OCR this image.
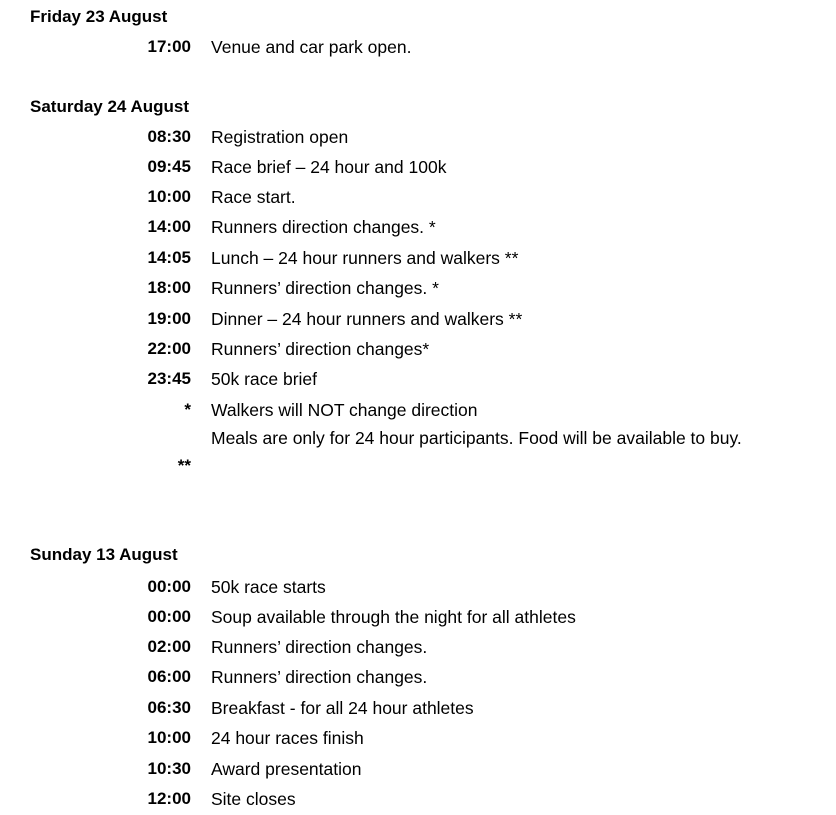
Friday 23 August
17:00 Venue and car park open.
Saturday 24 August
08:30 Registration open
09:45 Race brief – 24 hour and 100k
10:00 Race start.
14:00 Runners direction changes. *
14:05 Lunch – 24 hour runners and walkers **
18:00 Runners’ direction changes. *
19:00 Dinner – 24 hour runners and walkers **
22:00 Runners’ direction changes*
23:45 50k race brief
* Walkers will NOT change direction
**
Meals are only for 24 hour participants. Food will be available to buy.
Sunday 13 August
00:00 50k race starts
00:00 Soup available through the night for all athletes
02:00 Runners’ direction changes.
06:00 Runners’ direction changes.
06:30 Breakfast - for all 24 hour athletes
10:00 24 hour races finish
10:30 Award presentation
12:00 Site closes
